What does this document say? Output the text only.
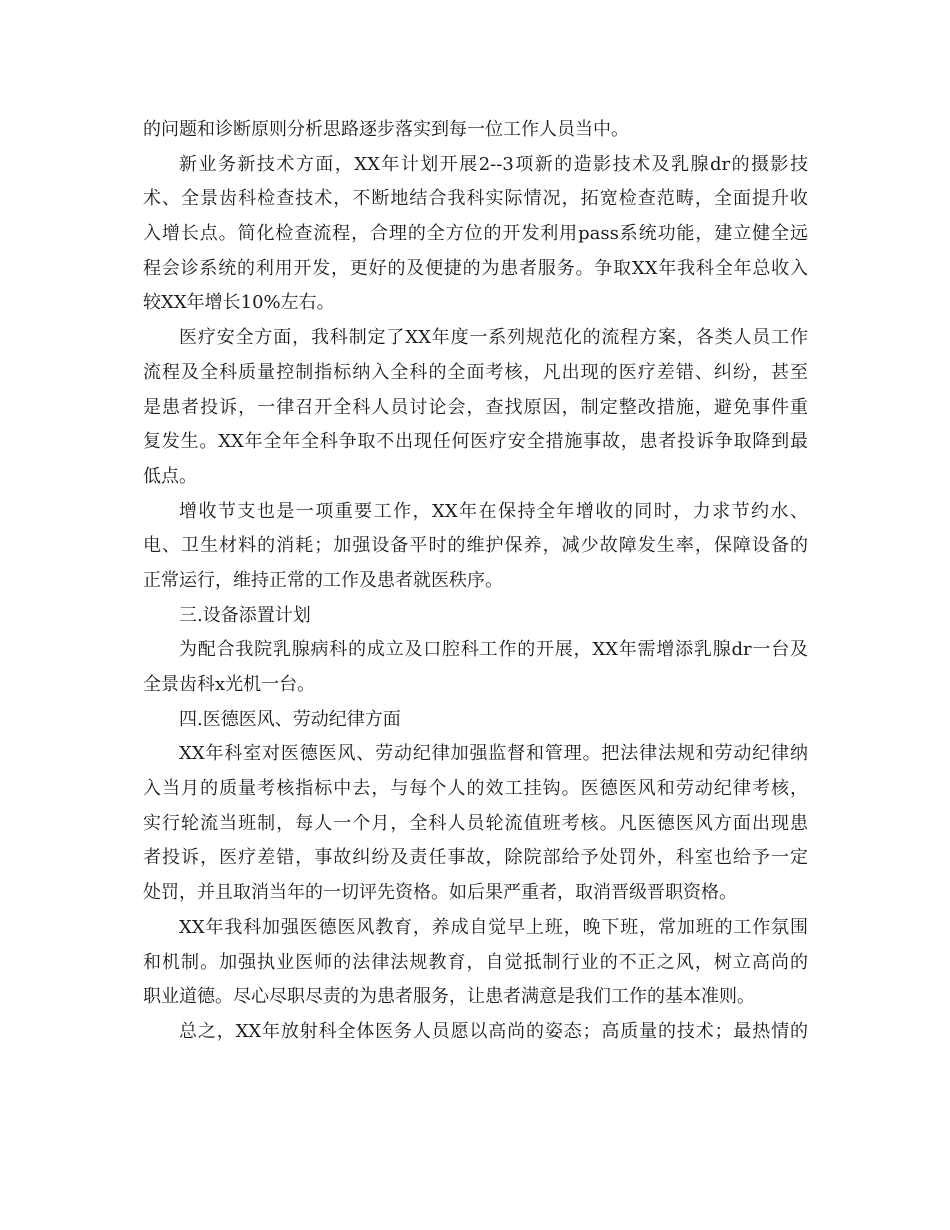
的问题和诊断原则分析思路逐步落实到每一位工作人员当中。
新业务新技术方面，XX年计划开展2--3项新的造影技术及乳腺dr的摄影技
术、全景齿科检查技术，不断地结合我科实际情况，拓宽检查范畴，全面提升收
入增长点。简化检查流程，合理的全方位的开发利用pass系统功能，建立健全远
程会诊系统的利用开发，更好的及便捷的为患者服务。争取XX年我科全年总收入
较XX年增长10%左右。
医疗安全方面，我科制定了XX年度一系列规范化的流程方案，各类人员工作
流程及全科质量控制指标纳入全科的全面考核，凡出现的医疗差错、纠纷，甚至
是患者投诉，一律召开全科人员讨论会，查找原因，制定整改措施，避免事件重
复发生。XX年全年全科争取不出现任何医疗安全措施事故，患者投诉争取降到最
低点。
增收节支也是一项重要工作，XX年在保持全年增收的同时，力求节约水、
电、卫生材料的消耗；加强设备平时的维护保养，减少故障发生率，保障设备的
正常运行，维持正常的工作及患者就医秩序。
三.设备添置计划
为配合我院乳腺病科的成立及口腔科工作的开展，XX年需增添乳腺dr一台及
全景齿科x光机一台。
四.医德医风、劳动纪律方面
XX年科室对医德医风、劳动纪律加强监督和管理。把法律法规和劳动纪律纳
入当月的质量考核指标中去，与每个人的效工挂钩。医德医风和劳动纪律考核，
实行轮流当班制，每人一个月，全科人员轮流值班考核。凡医德医风方面出现患
者投诉，医疗差错，事故纠纷及责任事故，除院部给予处罚外，科室也给予一定
处罚，并且取消当年的一切评先资格。如后果严重者，取消晋级晋职资格。
XX年我科加强医德医风教育，养成自觉早上班，晚下班，常加班的工作氛围
和机制。加强执业医师的法律法规教育，自觉抵制行业的不正之风，树立高尚的
职业道德。尽心尽职尽责的为患者服务，让患者满意是我们工作的基本准则。
总之，XX年放射科全体医务人员愿以高尚的姿态；高质量的技术；最热情的
